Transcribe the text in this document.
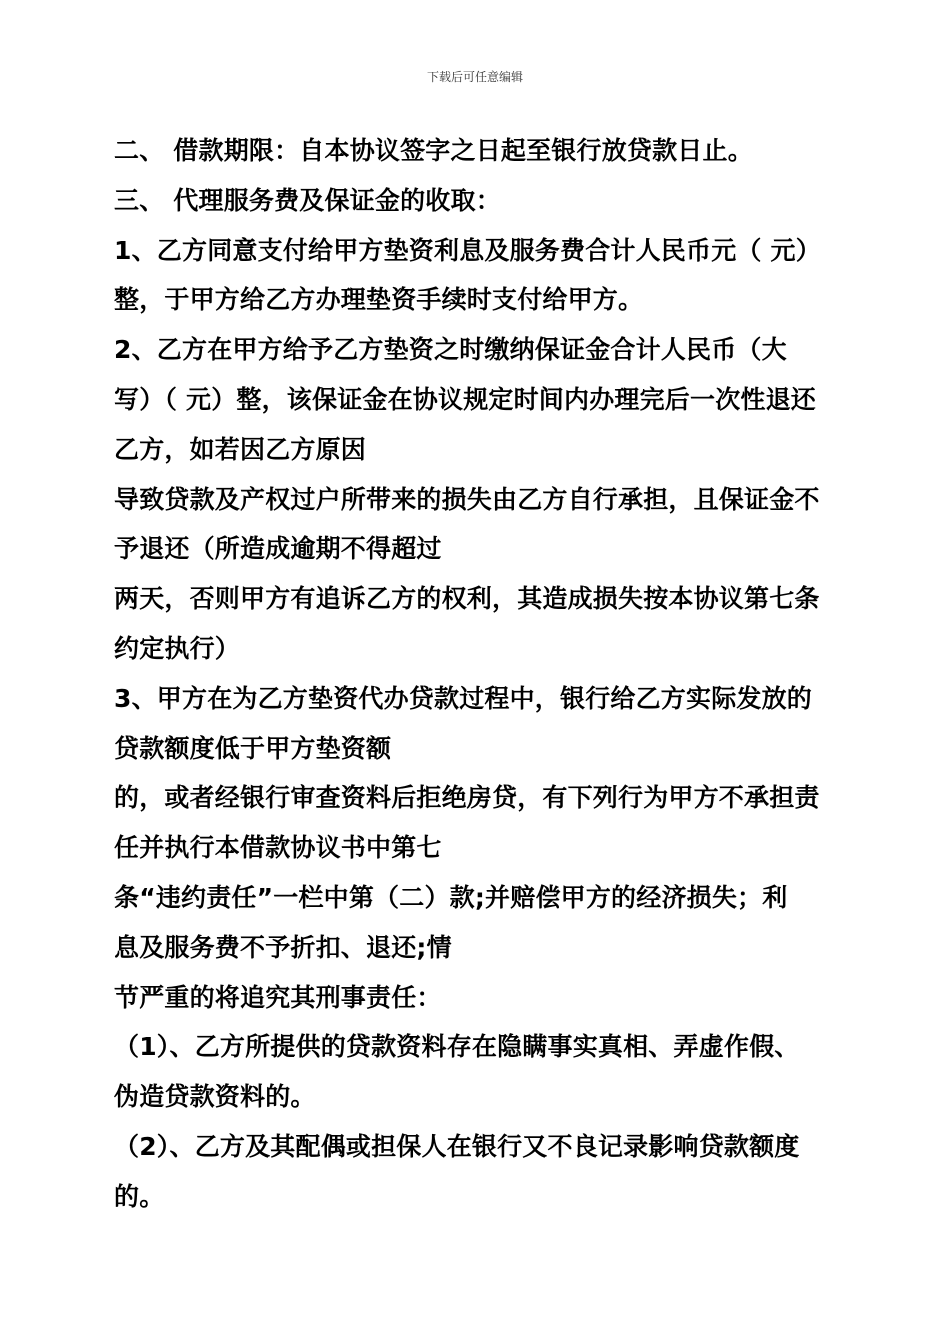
下载后可任意编辑

二、 借款期限：自本协议签字之日起至银行放贷款日止。

三、 代理服务费及保证金的收取：

1、乙方同意支付给甲方垫资利息及服务费合计人民币元（ 元）

整，于甲方给乙方办理垫资手续时支付给甲方。

2、乙方在甲方给予乙方垫资之时缴纳保证金合计人民币（大

写）（ 元）整，该保证金在协议规定时间内办理完后一次性退还

乙方，如若因乙方原因

导致贷款及产权过户所带来的损失由乙方自行承担，且保证金不

予退还（所造成逾期不得超过

两天，否则甲方有追诉乙方的权利，其造成损失按本协议第七条

约定执行）

3、甲方在为乙方垫资代办贷款过程中，银行给乙方实际发放的

贷款额度低于甲方垫资额

的，或者经银行审查资料后拒绝房贷，有下列行为甲方不承担责

任并执行本借款协议书中第七

条“违约责任”一栏中第（二）款;并赔偿甲方的经济损失；利

息及服务费不予折扣、退还;情

节严重的将追究其刑事责任：

（1）、乙方所提供的贷款资料存在隐瞒事实真相、弄虚作假、

伪造贷款资料的。

（2）、乙方及其配偶或担保人在银行又不良记录影响贷款额度

的。
